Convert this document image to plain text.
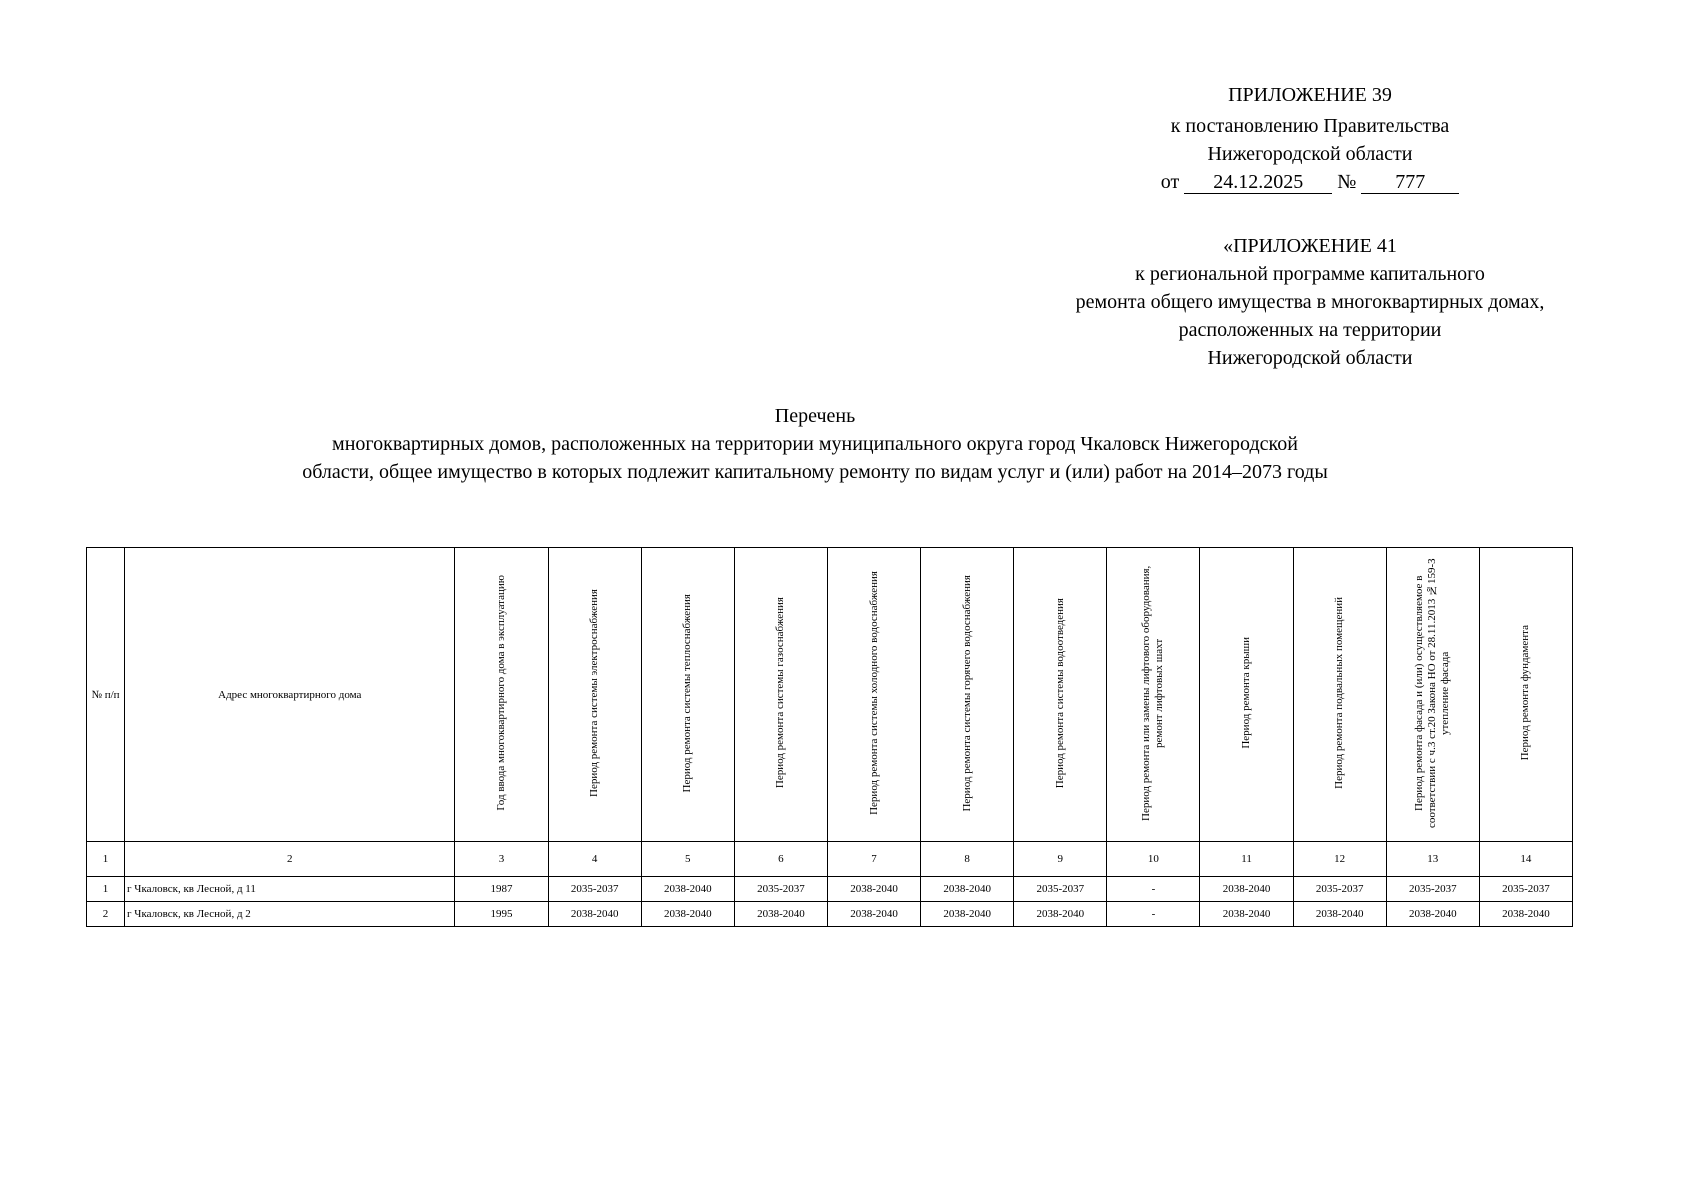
ПРИЛОЖЕНИЕ 39
к постановлению Правительства
Нижегородской области
от 24.12.2025 № 777
«ПРИЛОЖЕНИЕ 41
к региональной программе капитального
ремонта общего имущества в многоквартирных домах,
расположенных на территории
Нижегородской области
Перечень
многоквартирных домов, расположенных на территории муниципального округа город Чкаловск Нижегородской
области, общее имущество в которых подлежит капитальному ремонту по видам услуг и (или) работ на 2014–2073 годы
№ п/п	Адрес многоквартирного дома	Год ввода многоквартирного дома в эксплуатацию	Период ремонта системы электроснабжения	Период ремонта системы теплоснабжения	Период ремонта системы газоснабжения	Период ремонта системы холодного водоснабжения	Период ремонта системы горячего водоснабжения	Период ремонта системы водоотведения	Период ремонта или замены лифтового оборудования, ремонт лифтовых шахт	Период ремонта крыши	Период ремонта подвальных помещений	Период ремонта фасада и (или) осуществляемое в соответствии с ч.3 ст.20 Закона НО от 28.11.2013 №159-З утепление фасада	Период ремонта фундамента
1	2	3	4	5	6	7	8	9	10	11	12	13	14
1	г Чкаловск, кв Лесной, д 11	1987	2035-2037	2038-2040	2035-2037	2038-2040	2038-2040	2035-2037	-	2038-2040	2035-2037	2035-2037	2035-2037
2	г Чкаловск, кв Лесной, д 2	1995	2038-2040	2038-2040	2038-2040	2038-2040	2038-2040	2038-2040	-	2038-2040	2038-2040	2038-2040	2038-2040
